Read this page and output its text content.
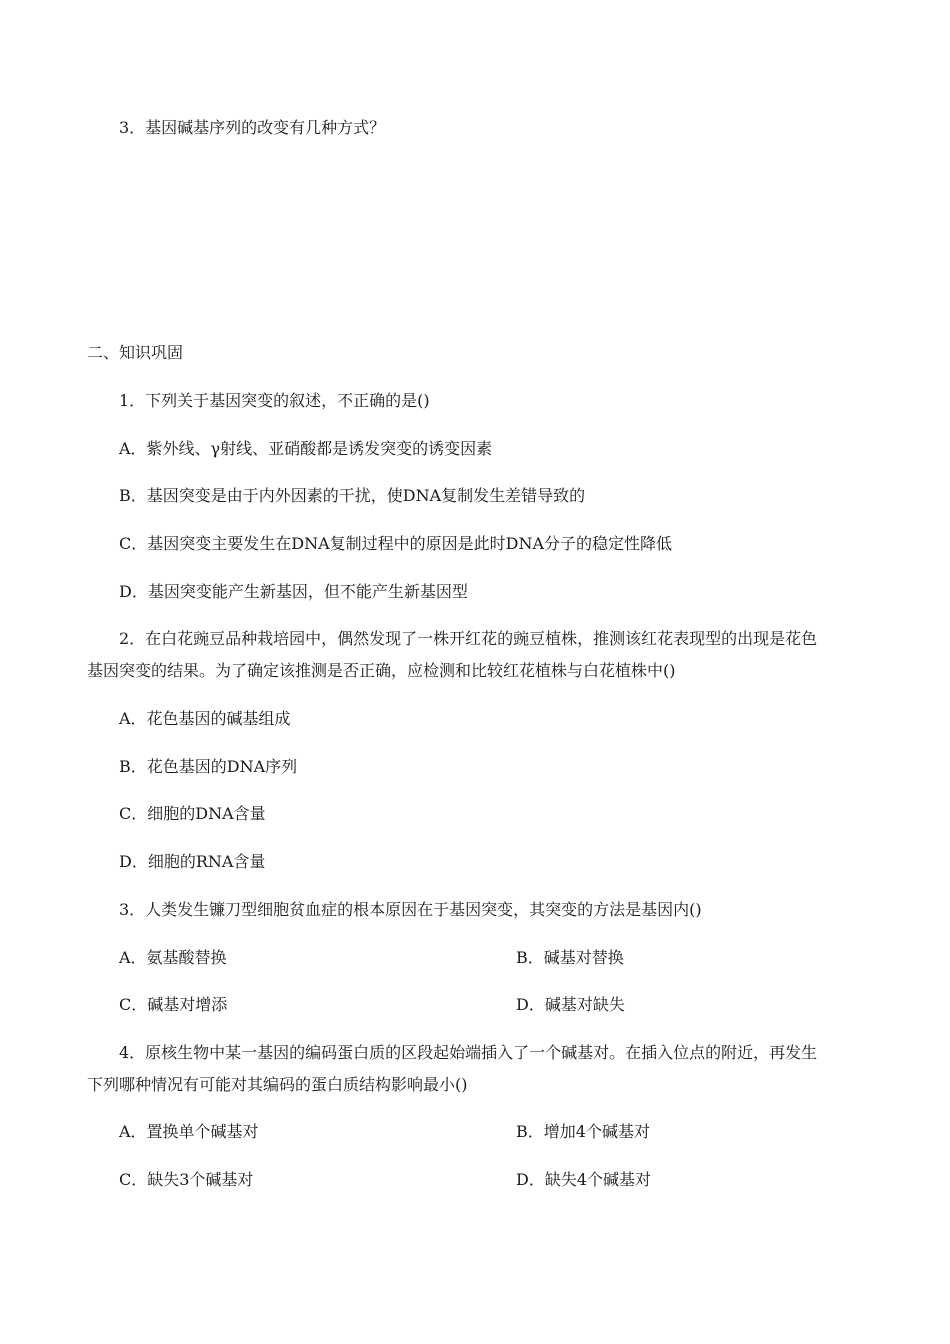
3．基因碱基序列的改变有几种方式？
二、知识巩固
1．下列关于基因突变的叙述，不正确的是()
A．紫外线、γ射线、亚硝酸都是诱发突变的诱变因素
B．基因突变是由于内外因素的干扰，使DNA复制发生差错导致的
C．基因突变主要发生在DNA复制过程中的原因是此时DNA分子的稳定性降低
D．基因突变能产生新基因，但不能产生新基因型
2．在白花豌豆品种栽培园中，偶然发现了一株开红花的豌豆植株，推测该红花表现型的出现是花色
基因突变的结果。为了确定该推测是否正确，应检测和比较红花植株与白花植株中()
A．花色基因的碱基组成
B．花色基因的DNA序列
C．细胞的DNA含量
D．细胞的RNA含量
3．人类发生镰刀型细胞贫血症的根本原因在于基因突变，其突变的方法是基因内()
A．氨基酸替换	B．碱基对替换
C．碱基对增添	D．碱基对缺失
4．原核生物中某一基因的编码蛋白质的区段起始端插入了一个碱基对。在插入位点的附近，再发生
下列哪种情况有可能对其编码的蛋白质结构影响最小()
A．置换单个碱基对	B．增加4个碱基对
C．缺失3个碱基对	D．缺失4个碱基对
